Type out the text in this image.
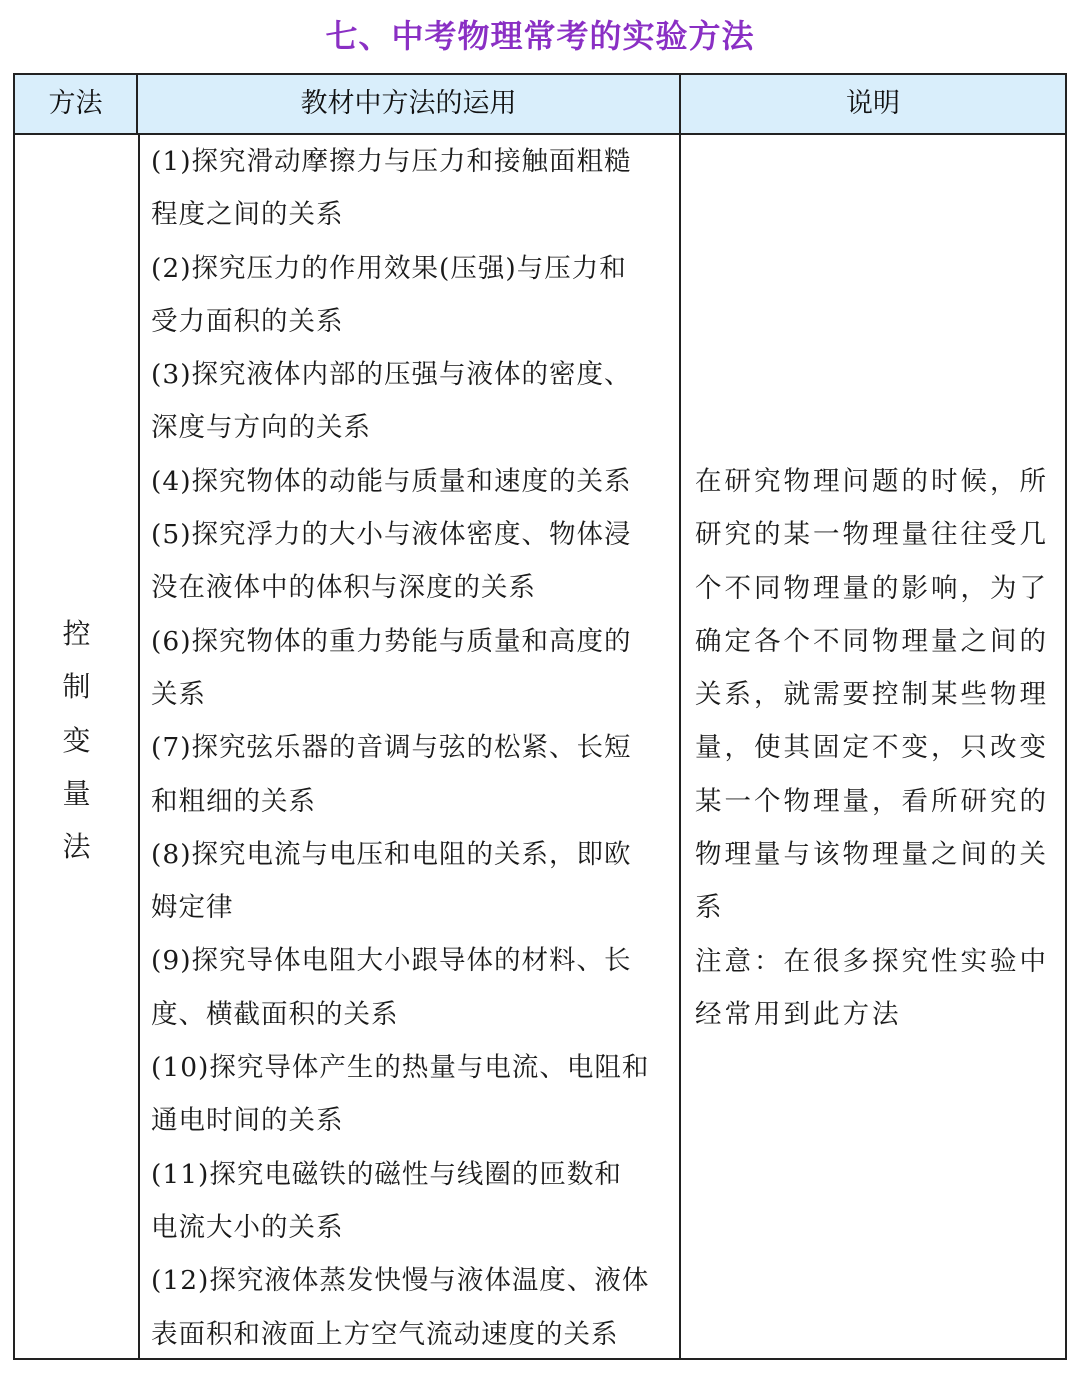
七、中考物理常考的实验方法
方法	教材中方法的运用	说明
控
制
变
量
法

(1)探究滑动摩擦力与压力和接触面粗糙

程度之间的关系

(2)探究压力的作用效果(压强)与压力和

受力面积的关系

(3)探究液体内部的压强与液体的密度、

深度与方向的关系

(4)探究物体的动能与质量和速度的关系

(5)探究浮力的大小与液体密度、物体浸

没在液体中的体积与深度的关系

(6)探究物体的重力势能与质量和高度的

关系

(7)探究弦乐器的音调与弦的松紧、长短

和粗细的关系

(8)探究电流与电压和电阻的关系，即欧

姆定律

(9)探究导体电阻大小跟导体的材料、长

度、横截面积的关系

(10)探究导体产生的热量与电流、电阻和

通电时间的关系

(11)探究电磁铁的磁性与线圈的匝数和

电流大小的关系

(12)探究液体蒸发快慢与液体温度、液体

表面积和液面上方空气流动速度的关系

在研究物理问题的时候，所

研究的某一物理量往往受几

个不同物理量的影响，为了

确定各个不同物理量之间的

关系，就需要控制某些物理

量，使其固定不变，只改变

某一个物理量，看所研究的

物理量与该物理量之间的关

系

注意：在很多探究性实验中

经常用到此方法
